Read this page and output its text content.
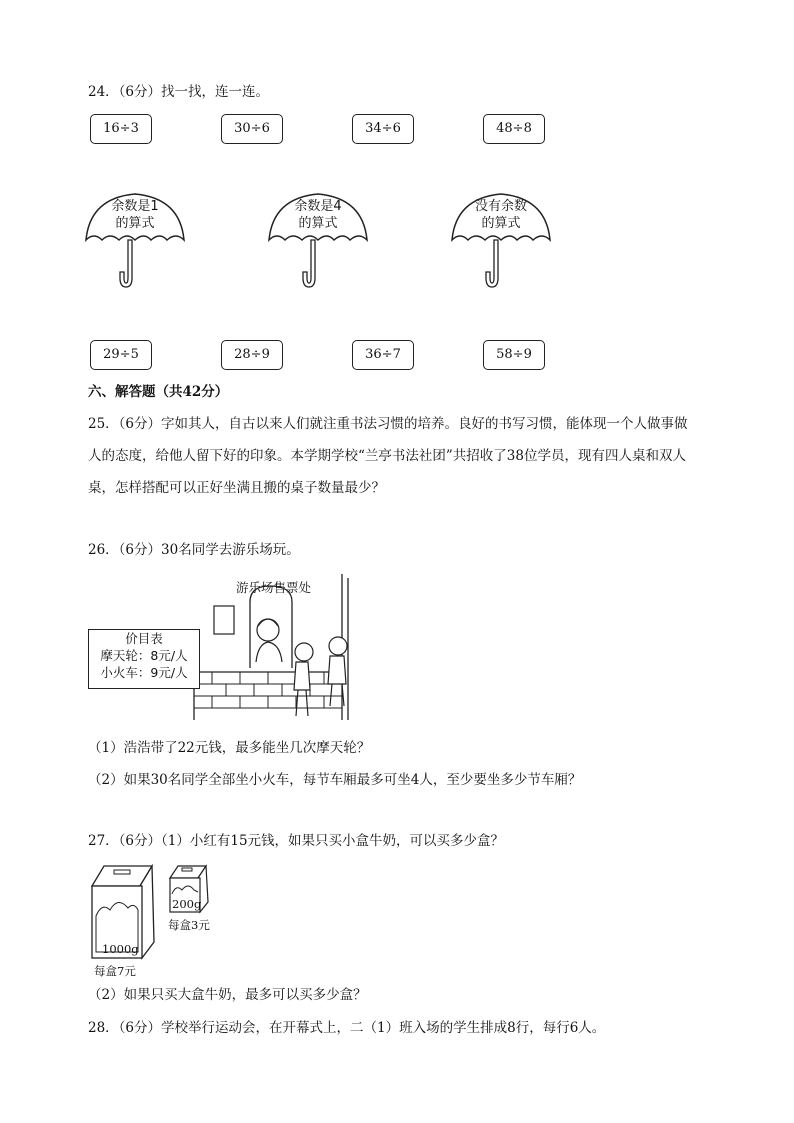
24．（6分）找一找，连一连。
16÷3	30÷6	34÷6	48÷8
余数是1
的算式
余数是4
的算式
没有余数
的算式
29÷5	28÷9	36÷7	58÷9
六、解答题（共42分）
25．（6分）字如其人，自古以来人们就注重书法习惯的培养。良好的书写习惯，能体现一个人做事做
人的态度，给他人留下好的印象。本学期学校“兰亭书法社团”共招收了38位学员，现有四人桌和双人
桌，怎样搭配可以正好坐满且搬的桌子数量最少？
26．（6分）30名同学去游乐场玩。
游乐场售票处
价目表
摩天轮：8元/人
小火车：9元/人
（1）浩浩带了22元钱，最多能坐几次摩天轮？
（2）如果30名同学全部坐小火车，每节车厢最多可坐4人，至少要坐多少节车厢？
27．（6分）（1）小红有15元钱，如果只买小盒牛奶，可以买多少盒？
1000g
每盒7元
200g
每盒3元
（2）如果只买大盒牛奶，最多可以买多少盒？
28．（6分）学校举行运动会，在开幕式上，二（1）班入场的学生排成8行，每行6人。
